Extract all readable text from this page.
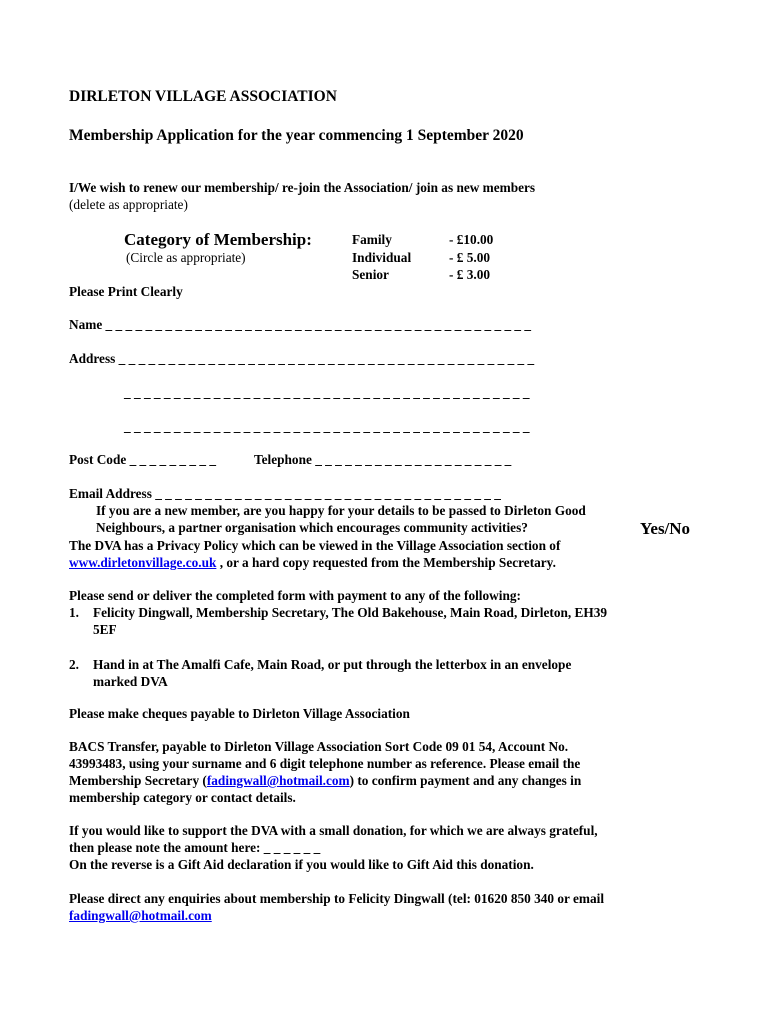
DIRLETON VILLAGE ASSOCIATION
Membership Application for the year commencing 1 September 2020
I/We wish to renew our membership/ re-join the Association/ join as new members
(delete as appropriate)
Category of Membership:
(Circle as appropriate)
Family	- £10.00
Individual	- £ 5.00
Senior	- £ 3.00
Please Print Clearly
Name _ _ _ _ _ _ _ _ _ _ _ _ _ _ _ _ _ _ _ _ _ _ _ _ _ _ _ _ _ _ _ _ _ _ _ _ _ _ _ _ _ _ _
Address _ _ _ _ _ _ _ _ _ _ _ _ _ _ _ _ _ _ _ _ _ _ _ _ _ _ _ _ _ _ _ _ _ _ _ _ _ _ _ _ _ _
_ _ _ _ _ _ _ _ _ _ _ _ _ _ _ _ _ _ _ _ _ _ _ _ _ _ _ _ _ _ _ _ _ _ _ _ _ _ _ _ _
_ _ _ _ _ _ _ _ _ _ _ _ _ _ _ _ _ _ _ _ _ _ _ _ _ _ _ _ _ _ _ _ _ _ _ _ _ _ _ _ _
Post Code _ _ _ _ _ _ _ _ _	Telephone _ _ _ _ _ _ _ _ _ _ _ _ _ _ _ _ _ _ _ _
Email Address _ _ _ _ _ _ _ _ _ _ _ _ _ _ _ _ _ _ _ _ _ _ _ _ _ _ _ _ _ _ _ _ _ _ _
If you are a new member, are you happy for your details to be passed to Dirleton Good
Neighbours, a partner organisation which encourages community activities?	Yes/No
The DVA has a Privacy Policy which can be viewed in the Village Association section of
www.dirletonvillage.co.uk , or a hard copy requested from the Membership Secretary.
Please send or deliver the completed form with payment to any of the following:
1. Felicity Dingwall, Membership Secretary, The Old Bakehouse, Main Road, Dirleton, EH39
5EF
2. Hand in at The Amalfi Cafe, Main Road, or put through the letterbox in an envelope
marked DVA
Please make cheques payable to Dirleton Village Association
BACS Transfer, payable to Dirleton Village Association Sort Code 09 01 54, Account No.
43993483, using your surname and 6 digit telephone number as reference. Please email the
Membership Secretary (fadingwall@hotmail.com) to confirm payment and any changes in
membership category or contact details.
If you would like to support the DVA with a small donation, for which we are always grateful,
then please note the amount here: _ _ _ _ _ _
On the reverse is a Gift Aid declaration if you would like to Gift Aid this donation.
Please direct any enquiries about membership to Felicity Dingwall (tel: 01620 850 340 or email
fadingwall@hotmail.com
